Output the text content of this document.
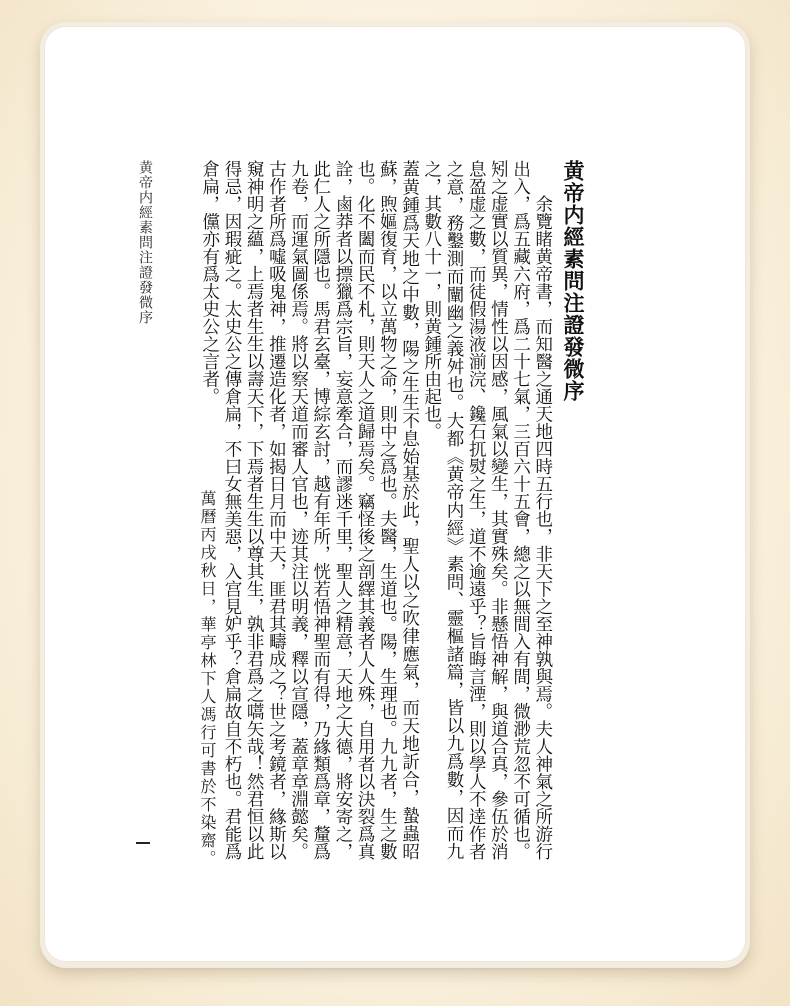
黄帝内經素問注證發微序	黄帝内經素問注證發微序
余覽睹黄帝書，而知醫之通天地四時五行也，非天下之至神孰與焉。夫人神氣之所游行出入，爲五藏六府，爲二十七氣，三百六十五會，總之以無間入有間，微渺荒忽不可循也。矧之虚實以質異，情性以因感，風氣以變生，其實殊矣。非懸悟神解，與道合真，參伍於消息盈虚之數，而徒假湯液湔浣、鑱石扤熨之生，道不逾遠乎？旨晦言湮，則以學人不逹作者之意，務鑿測而闡幽之義舛也。大都《黄帝内經》素問、靈樞諸篇，皆以九爲數，因而九之，其數八十一，則黄鍾所由起也。
蓋黄鍾爲天地之中數，陽之生生不息始基於此，聖人以之吹律應氣，而天地訢合，蟄蟲昭蘇，煦嫗復育，以立萬物之命，則中之爲也。夫醫，生道也。陽，生理也。九九者，生之數也。化不闔而民不札，則天人之道歸焉矣。竊怪後之剖繹其義者人人殊，自用者以決裂爲真詮，鹵莽者以摽獵爲宗旨，妄意牽合，而謬迷千里，聖人之精意，天地之大德，將安寄之，此仁人之所隱也。馬君玄臺，博綜玄討，越有年所，恍若悟神聖而有得，乃緣類爲章，釐爲九卷，而運氣圖係焉。將以察天道而審人官也，迹其注以明義，釋以宣隱，蓋章章淵懿矣。古作者所爲噓吸鬼神，推遷造化者，如揭日月而中天，匪君其疇成之？世之考鏡者，緣斯以窺神明之蘊，上焉者生生以壽天下，下焉者生生以尊其生，孰非君爲之嚆矢哉！然君恒以此得忌，因瑕疵之。太史公之傳倉扁，不曰女無美惡，入宫見妒乎？倉扁故自不朽也。君能爲倉扁，儻亦有爲太史公之言者。
萬曆丙戌秋日，華亭林下人馮行可書於不染齋。
